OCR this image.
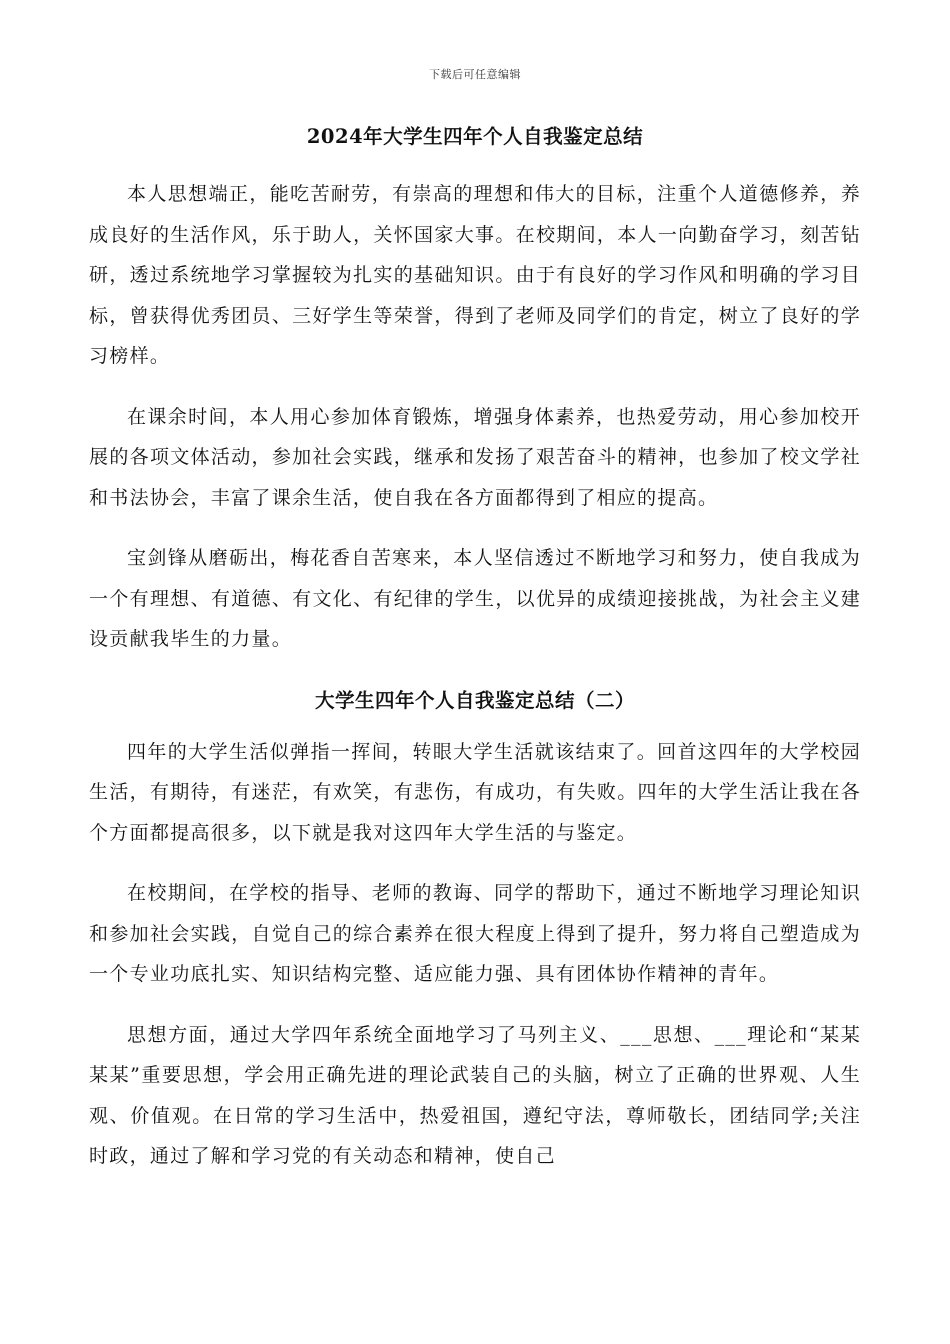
下载后可任意编辑
2024年大学生四年个人自我鉴定总结

本人思想端正，能吃苦耐劳，有崇高的理想和伟大的目标，注重个人道德修养，养成良好的生活作风，乐于助人，关怀国家大事。在校期间，本人一向勤奋学习，刻苦钻研，透过系统地学习掌握较为扎实的基础知识。由于有良好的学习作风和明确的学习目标，曾获得优秀团员、三好学生等荣誉，得到了老师及同学们的肯定，树立了良好的学习榜样。

在课余时间，本人用心参加体育锻炼，增强身体素养，也热爱劳动，用心参加校开展的各项文体活动，参加社会实践，继承和发扬了艰苦奋斗的精神，也参加了校文学社和书法协会，丰富了课余生活，使自我在各方面都得到了相应的提高。

宝剑锋从磨砺出，梅花香自苦寒来，本人坚信透过不断地学习和努力，使自我成为一个有理想、有道德、有文化、有纪律的学生，以优异的成绩迎接挑战，为社会主义建设贡献我毕生的力量。

大学生四年个人自我鉴定总结（二）

四年的大学生活似弹指一挥间，转眼大学生活就该结束了。回首这四年的大学校园生活，有期待，有迷茫，有欢笑，有悲伤，有成功，有失败。四年的大学生活让我在各个方面都提高很多，以下就是我对这四年大学生活的与鉴定。

在校期间，在学校的指导、老师的教诲、同学的帮助下，通过不断地学习理论知识和参加社会实践，自觉自己的综合素养在很大程度上得到了提升，努力将自己塑造成为一个专业功底扎实、知识结构完整、适应能力强、具有团体协作精神的青年。

思想方面，通过大学四年系统全面地学习了马列主义、___思想、___理论和“某某某某”重要思想，学会用正确先进的理论武装自己的头脑，树立了正确的世界观、人生观、价值观。在日常的学习生活中，热爱祖国，遵纪守法，尊师敬长，团结同学;关注时政，通过了解和学习党的有关动态和精神，使自己
